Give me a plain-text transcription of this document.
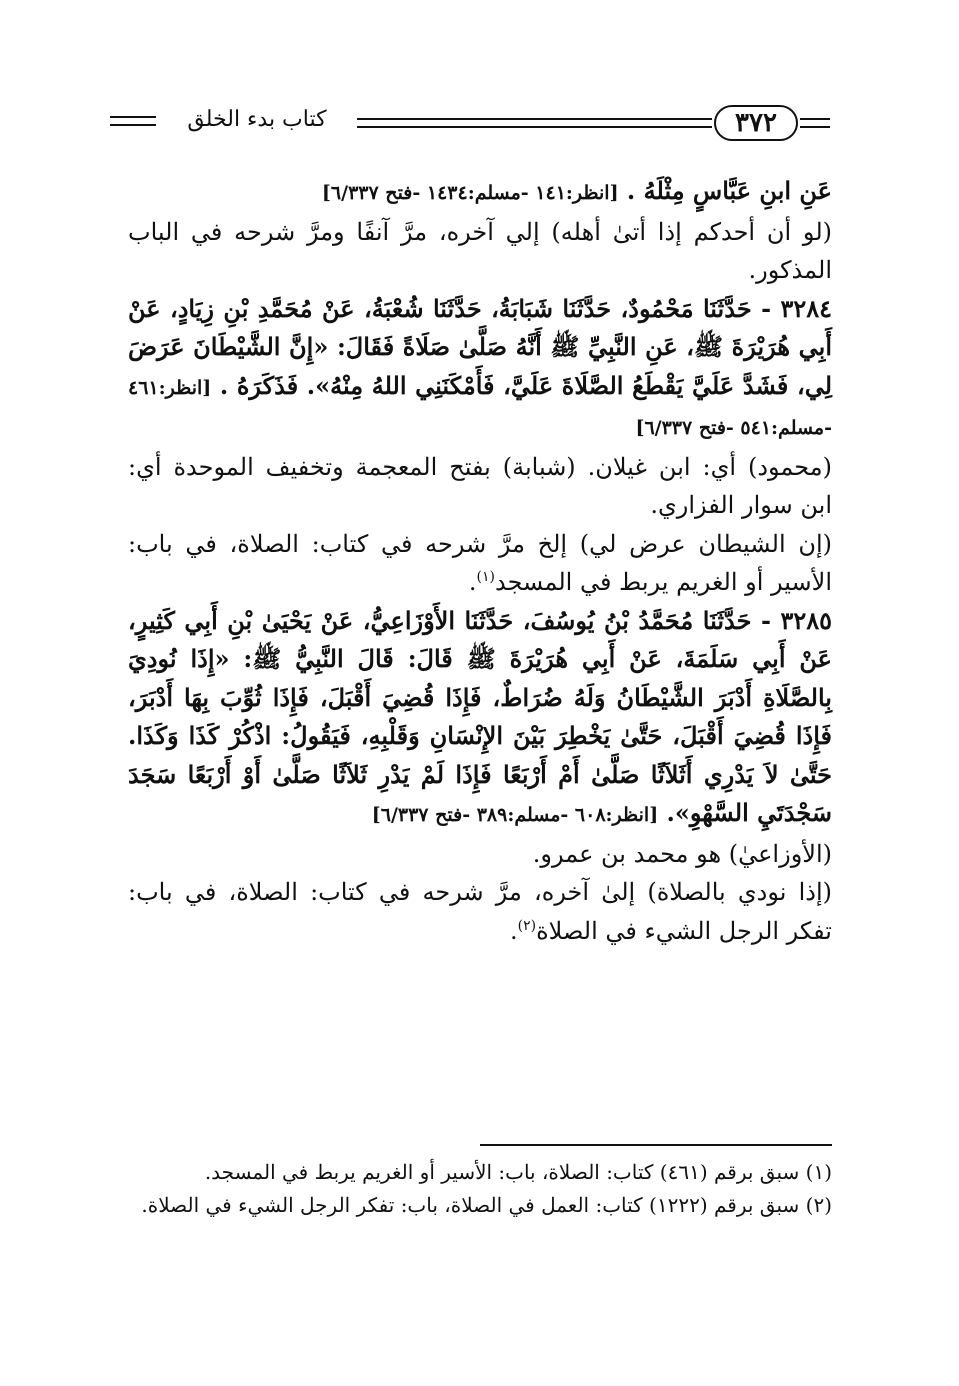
كتاب بدء الخلق	٣٧٢

عَنِ ابنِ عَبَّاسٍ مِثْلَهُ . [انظر:١٤١ -مسلم:١٤٣٤ -فتح ٦/٣٣٧]

(لو أن أحدكم إذا أتىٰ أهله) إلي آخره، مرَّ آنفًا ومرَّ شرحه في الباب المذكور.

٣٢٨٤ - حَدَّثَنَا مَحْمُودٌ، حَدَّثَنَا شَبَابَةُ، حَدَّثَنَا شُعْبَةُ، عَنْ مُحَمَّدِ بْنِ زِيَادٍ، عَنْ أَبِي هُرَيْرَةَ ﷺ، عَنِ النَّبِيِّ ﷺ أَنَّهُ صَلَّىٰ صَلَاةً فَقَالَ: «إِنَّ الشَّيْطَانَ عَرَضَ لِي، فَشَدَّ عَلَيَّ يَقْطَعُ الصَّلَاةَ عَلَيَّ، فَأَمْكَنَنِي اللهُ مِنْهُ». فَذَكَرَهُ . [انظر:٤٦١ -مسلم:٥٤١ -فتح ٦/٣٣٧]

(محمود) أي: ابن غيلان. (شبابة) بفتح المعجمة وتخفيف الموحدة أي: ابن سوار الفزاري.

(إن الشيطان عرض لي) إلخ مرَّ شرحه في كتاب: الصلاة، في باب: الأسير أو الغريم يربط في المسجد$^{(١)}$.

٣٢٨٥ - حَدَّثَنَا مُحَمَّدُ بْنُ يُوسُفَ، حَدَّثَنَا الأَوْزَاعِيُّ، عَنْ يَحْيَىٰ بْنِ أَبِي كَثِيرٍ، عَنْ أَبِي سَلَمَةَ، عَنْ أَبِي هُرَيْرَةَ ﷺ قَالَ: قَالَ النَّبِيُّ ﷺ: «إِذَا نُودِيَ بِالصَّلَاةِ أَدْبَرَ الشَّيْطَانُ وَلَهُ ضُرَاطٌ، فَإِذَا قُضِيَ أَقْبَلَ، فَإِذَا ثُوِّبَ بِهَا أَدْبَرَ، فَإِذَا قُضِيَ أَقْبَلَ، حَتَّىٰ يَخْطِرَ بَيْنَ الإِنْسَانِ وَقَلْبِهِ، فَيَقُولُ: اذْكُرْ كَذَا وَكَذَا. حَتَّىٰ لاَ يَدْرِي أَثَلاَثًا صَلَّىٰ أَمْ أَرْبَعًا فَإِذَا لَمْ يَدْرِ ثَلاَثًا صَلَّىٰ أَوْ أَرْبَعًا سَجَدَ سَجْدَتَيِ السَّهْوِ». [انظر:٦٠٨ -مسلم:٣٨٩ -فتح ٦/٣٣٧]

(الأوزاعيٰ) هو محمد بن عمرو.

(إذا نودي بالصلاة) إلىٰ آخره، مرَّ شرحه في كتاب: الصلاة، في باب: تفكر الرجل الشيء في الصلاة$^{(٢)}$.

(١) سبق برقم (٤٦١) كتاب: الصلاة، باب: الأسير أو الغريم يربط في المسجد.

(٢) سبق برقم (١٢٢٢) كتاب: العمل في الصلاة، باب: تفكر الرجل الشيء في الصلاة.
